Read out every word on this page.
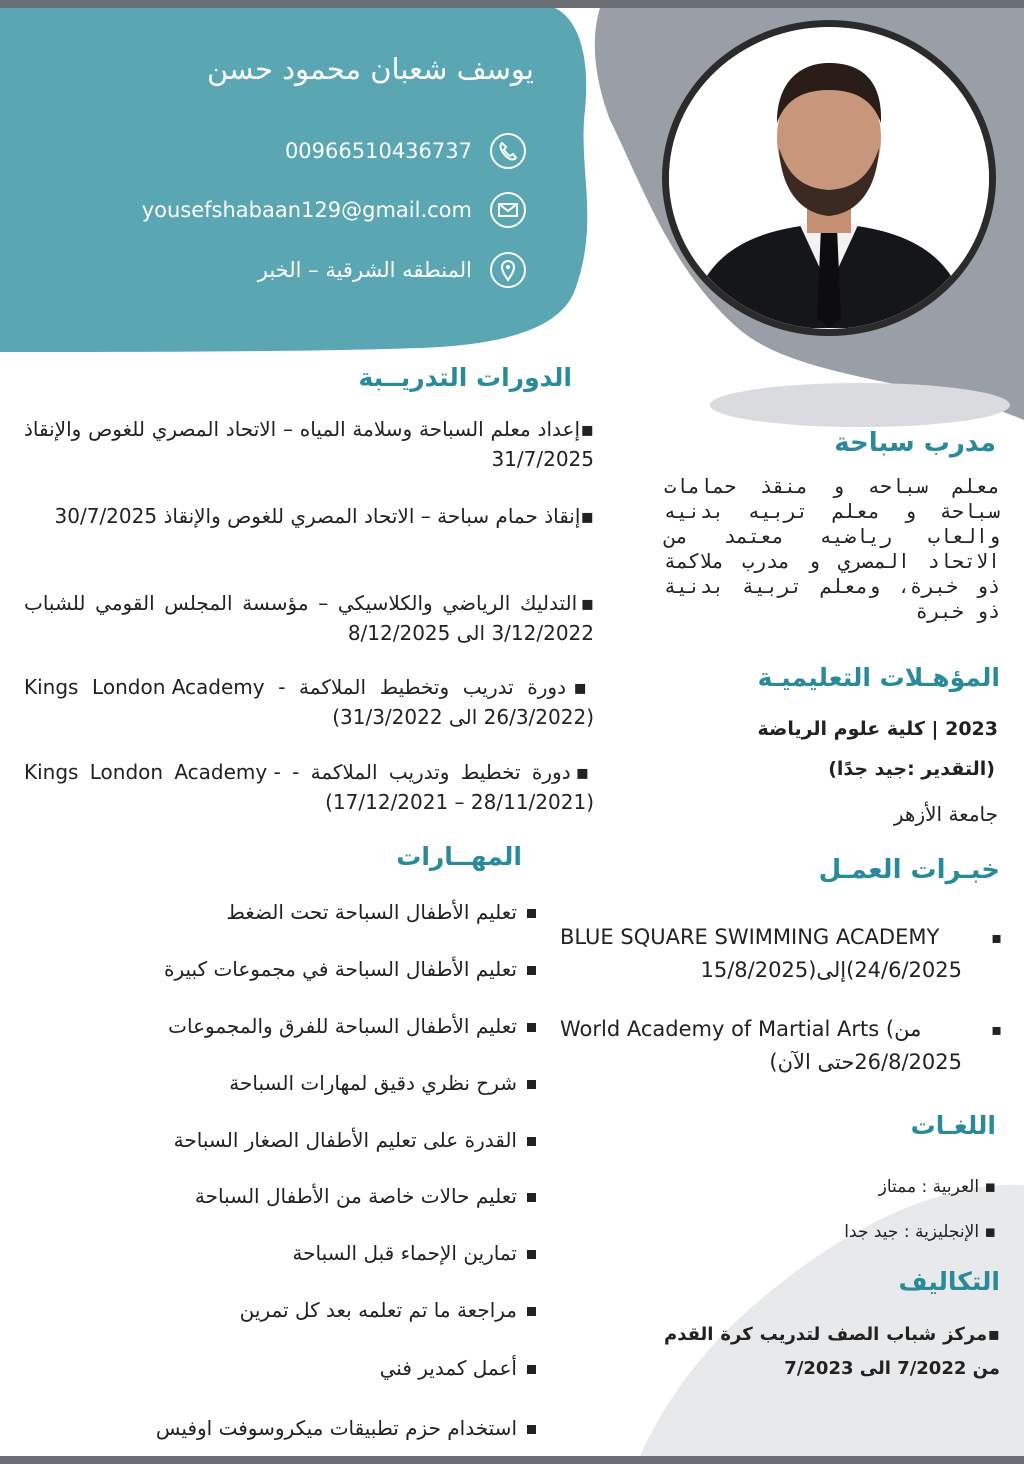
يوسف شعبان محمود حسن
00966510436737
yousefshabaan129@gmail.com
المنطقه الشرقية – الخبر
مدرب سباحة
معلم سباحه و منقذ حمامات سباحة و معلم تربيه بدنيه والعاب رياضيه معتمد من الاتحاد المصري و مدرب ملاكمة ذو خبرة، ومعلم تربية بدنية ذو خبرة
المؤهـلات التعليميـة
2023 | كلية علوم الرياضة
(التقدير :جيد جدًا)
جامعة الأزهر
خبـرات العمـل
▪
BLUE SQUARE SWIMMING ACADEMY
24/6/2025)إلى(15/8/2025
▪
World Academy of Martial Arts (من
26/8/2025حتى الآن)
اللغـات
▪ العربية : ممتاز
▪ الإنجليزية : جيد جدا
التكاليف
▪مركز شباب الصف لتدريب كرة القدم من 7/2022 الى 7/2023
الدورات التدريــبة
▪إعداد معلم السباحة وسلامة المياه – الاتحاد المصري للغوص والإنقاذ 31/7/2025
▪إنقاذ حمام سباحة – الاتحاد المصري للغوص والإنقاذ 30/7/2025
▪التدليك الرياضي والكلاسيكي – مؤسسة المجلس القومي للشباب 3/12/2022 الى 8/12/2025
▪دورة تدريب وتخطيط الملاكمة - Kings London Academy (26/3/2022 الى 31/3/2022)
▪دورة تخطيط وتدريب الملاكمة - Kings London Academy - (17/12/2021 – 28/11/2021)
المهــارات
تعليم الأطفال السباحة تحت الضغط
تعليم الأطفال السباحة في مجموعات كبيرة
تعليم الأطفال السباحة للفرق والمجموعات
شرح نظري دقيق لمهارات السباحة
القدرة على تعليم الأطفال الصغار السباحة
تعليم حالات خاصة من الأطفال السباحة
تمارين الإحماء قبل السباحة
مراجعة ما تم تعلمه بعد كل تمرين
أعمل كمدير فني
استخدام حزم تطبيقات ميكروسوفت اوفيس
